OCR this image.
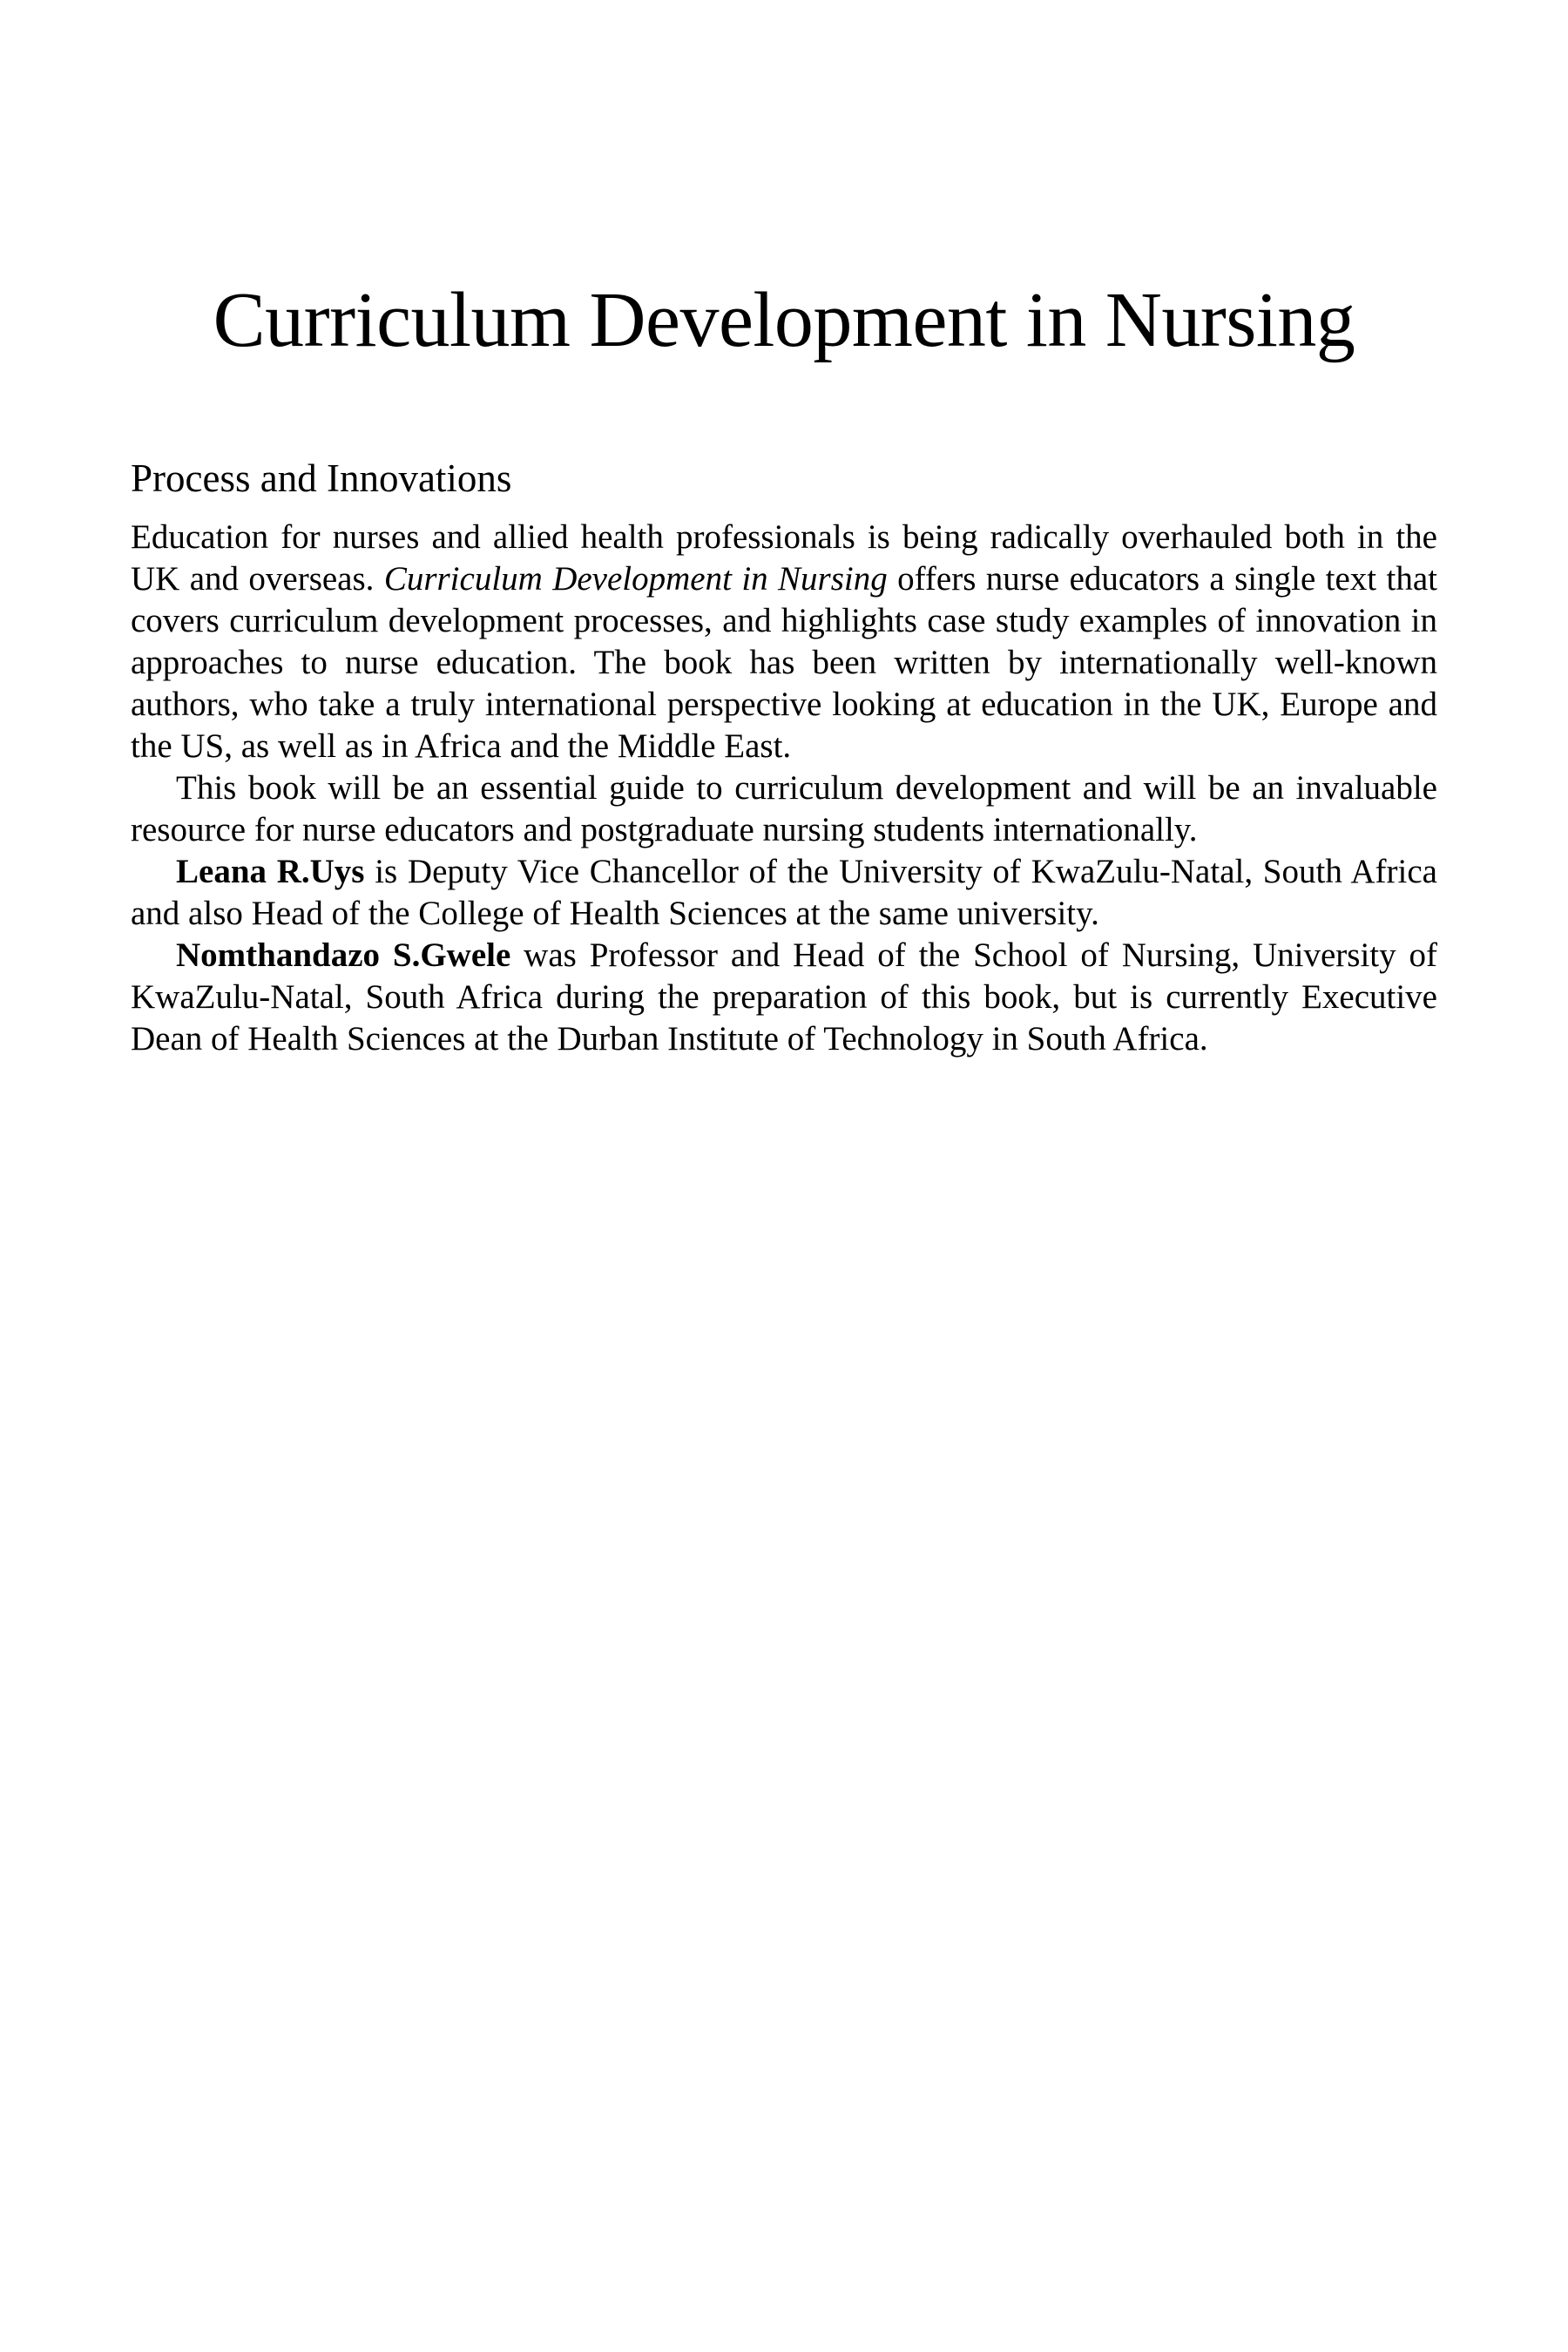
Curriculum Development in Nursing
Process and Innovations

Education for nurses and allied health professionals is being radically overhauled both in the UK and overseas. Curriculum Development in Nursing offers nurse educators a single text that covers curriculum development processes, and highlights case study examples of innovation in approaches to nurse education. The book has been written by internationally well-known authors, who take a truly international perspective looking at education in the UK, Europe and the US, as well as in Africa and the Middle East.

This book will be an essential guide to curriculum development and will be an invaluable resource for nurse educators and postgraduate nursing students internationally.

Leana R.Uys is Deputy Vice Chancellor of the University of KwaZulu-Natal, South Africa and also Head of the College of Health Sciences at the same university.

Nomthandazo S.Gwele was Professor and Head of the School of Nursing, University of KwaZulu-Natal, South Africa during the preparation of this book, but is currently Executive Dean of Health Sciences at the Durban Institute of Technology in South Africa.
